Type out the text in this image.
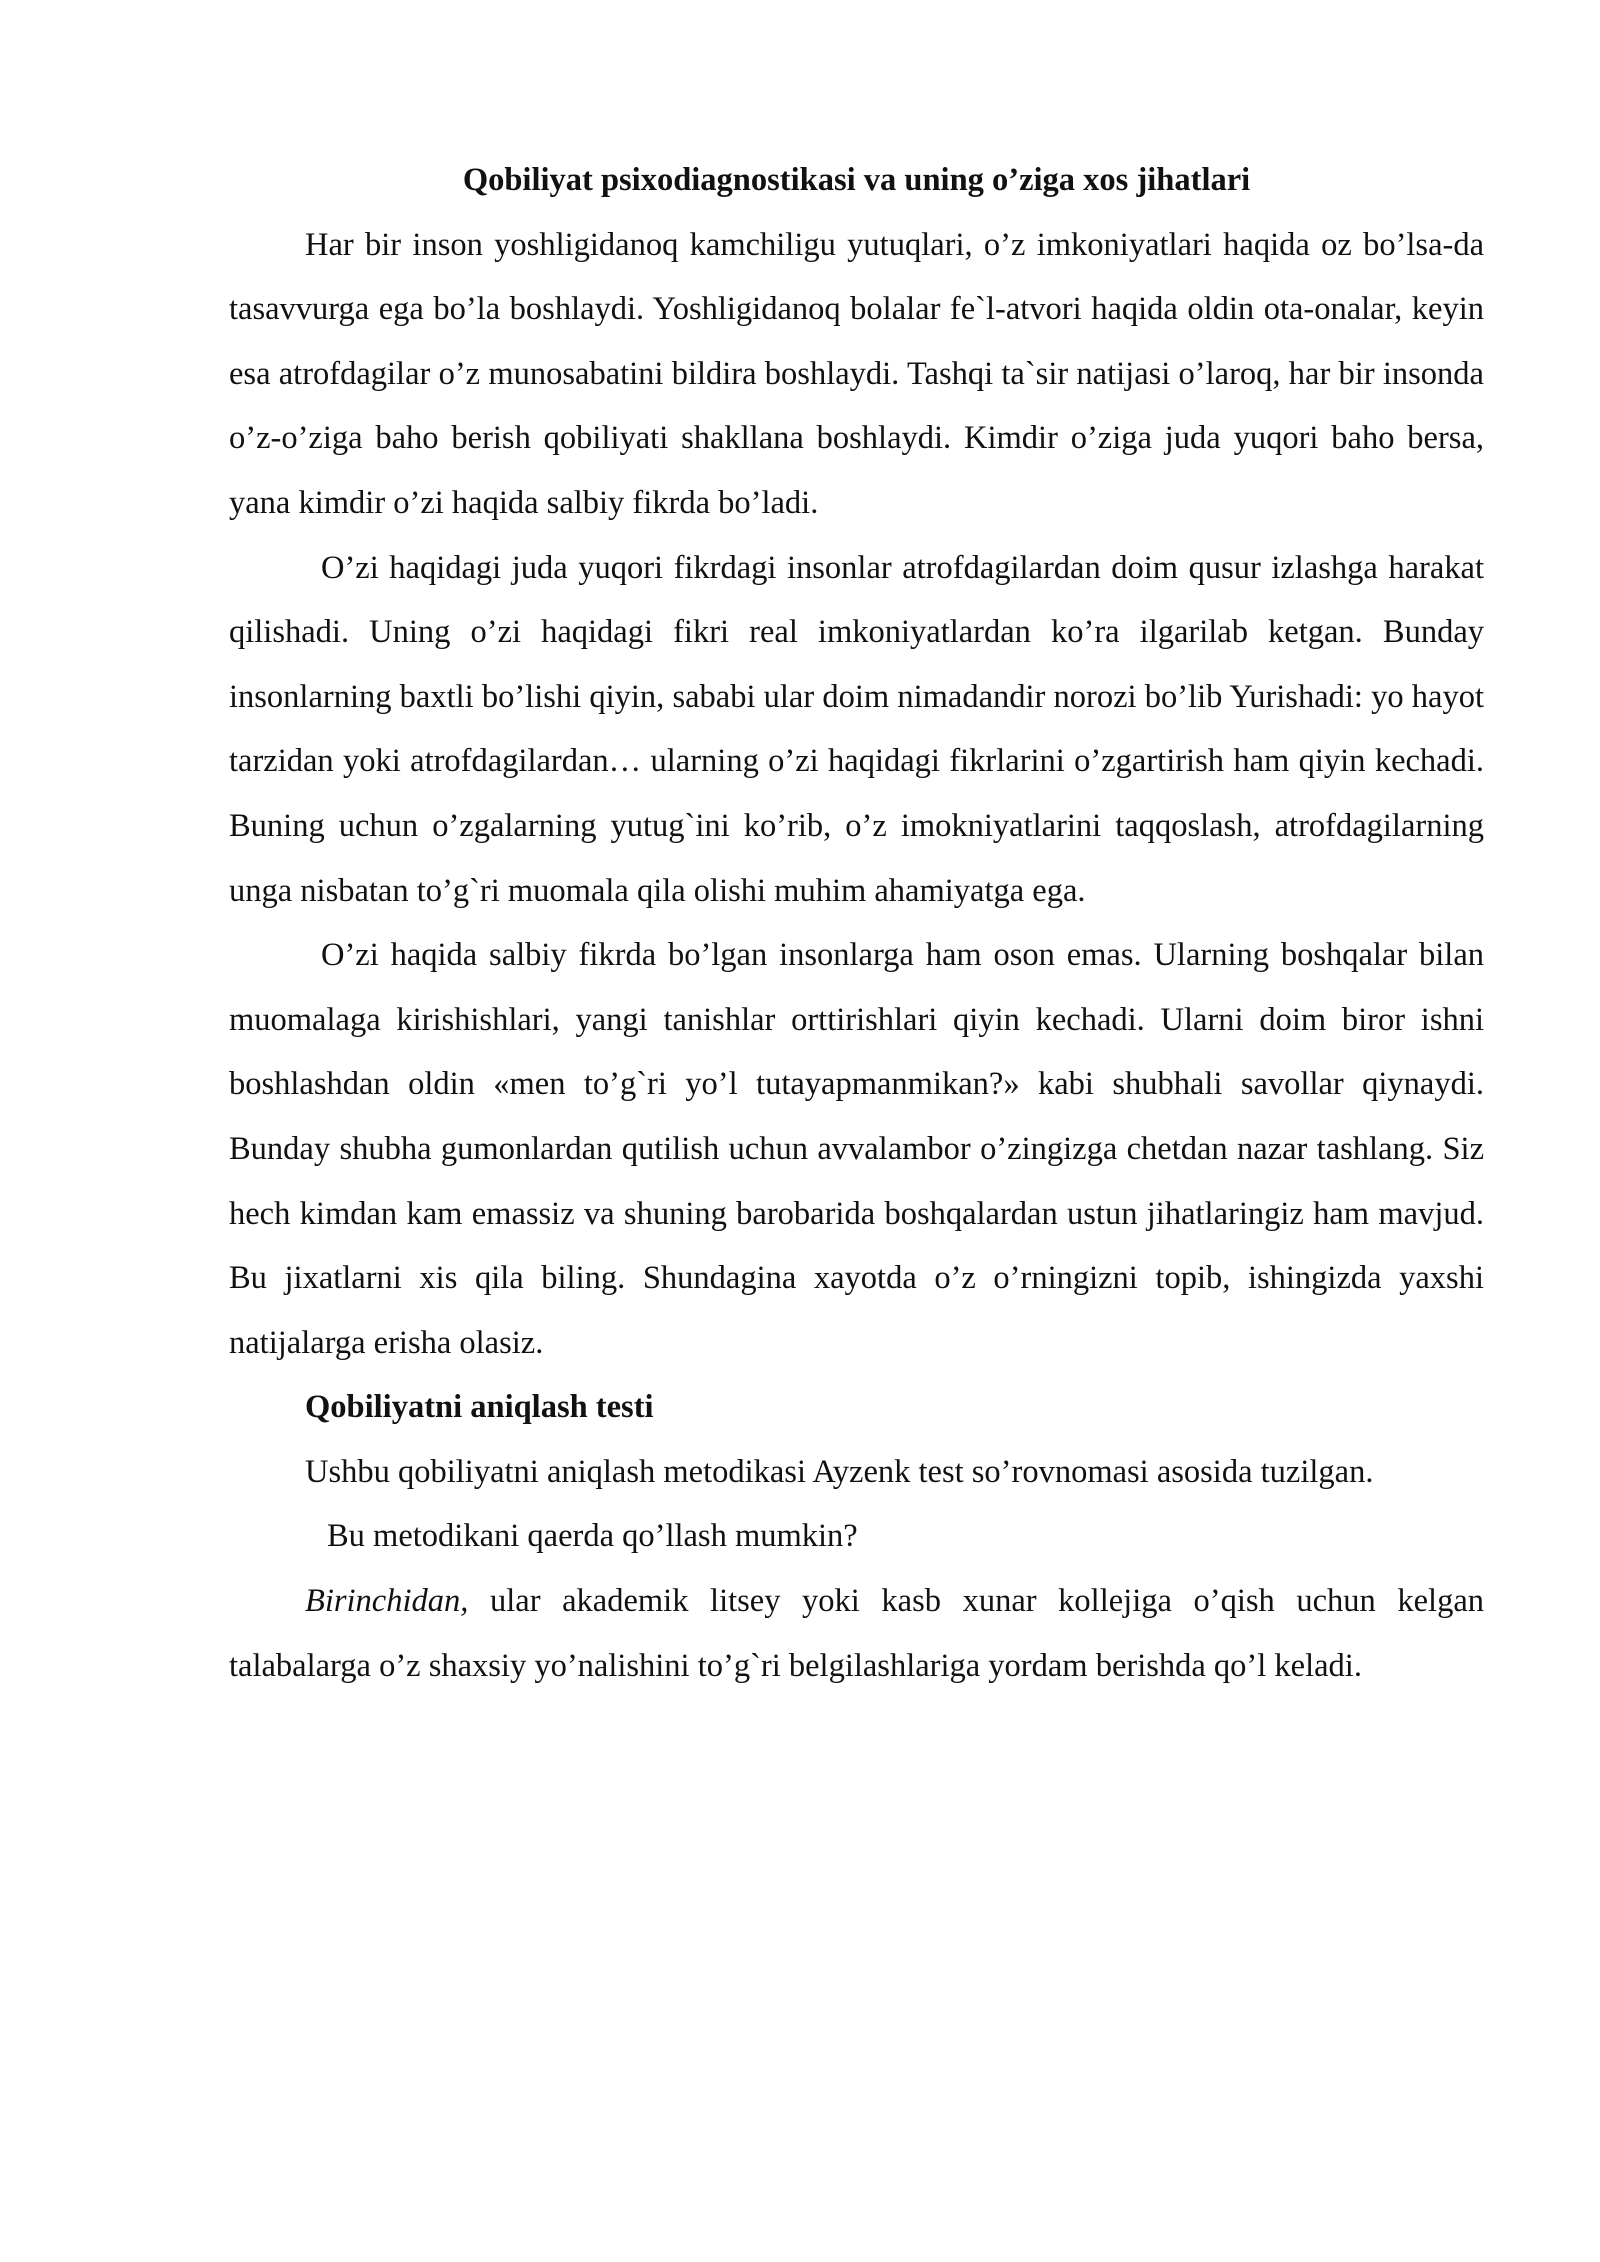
Qobiliyat psixodiagnostikasi va uning o’ziga xos jihatlari

Har bir inson yoshligidanoq kamchiligu yutuqlari, o’z imkoniyatlari haqida oz bo’lsa-da tasavvurga ega bo’la boshlaydi. Yoshligidanoq bolalar fe`l-atvori haqida oldin ota-onalar, keyin esa atrofdagilar o’z munosabatini bildira boshlaydi. Tashqi ta`sir natijasi o’laroq, har bir insonda o’z-o’ziga baho berish qobiliyati shakllana boshlaydi. Kimdir o’ziga juda yuqori baho bersa, yana kimdir o’zi haqida salbiy fikrda bo’ladi.

O’zi haqidagi juda yuqori fikrdagi insonlar atrofdagilardan doim qusur izlashga harakat qilishadi. Uning o’zi haqidagi fikri real imkoniyatlardan ko’ra ilgarilab ketgan. Bunday insonlarning baxtli bo’lishi qiyin, sababi ular doim nimadandir norozi bo’lib Yurishadi: yo hayot tarzidan yoki atrofdagilardan… ularning o’zi haqidagi fikrlarini o’zgartirish ham qiyin kechadi. Buning uchun o’zgalarning yutug`ini ko’rib, o’z imokniyatlarini taqqoslash, atrofdagilarning unga nisbatan to’g`ri muomala qila olishi muhim ahamiyatga ega.

O’zi haqida salbiy fikrda bo’lgan insonlarga ham oson emas. Ularning boshqalar bilan muomalaga kirishishlari, yangi tanishlar orttirishlari qiyin kechadi. Ularni doim biror ishni boshlashdan oldin «men to’g`ri yo’l tutayapmanmikan?» kabi shubhali savollar qiynaydi. Bunday shubha gumonlardan qutilish uchun avvalambor o’zingizga chetdan nazar tashlang. Siz hech kimdan kam emassiz va shuning barobarida boshqalardan ustun jihatlaringiz ham mavjud. Bu jixatlarni xis qila biling. Shundagina xayotda o’z o’rningizni topib, ishingizda yaxshi natijalarga erisha olasiz.

Qobiliyatni aniqlash testi

Ushbu qobiliyatni aniqlash metodikasi Ayzenk test so’rovnomasi asosida tuzilgan.

Bu metodikani qaerda qo’llash mumkin?

Birinchidan, ular akademik litsey yoki kasb xunar kollejiga o’qish uchun kelgan talabalarga o’z shaxsiy yo’nalishini to’g`ri belgilashlariga yordam berishda qo’l keladi.
